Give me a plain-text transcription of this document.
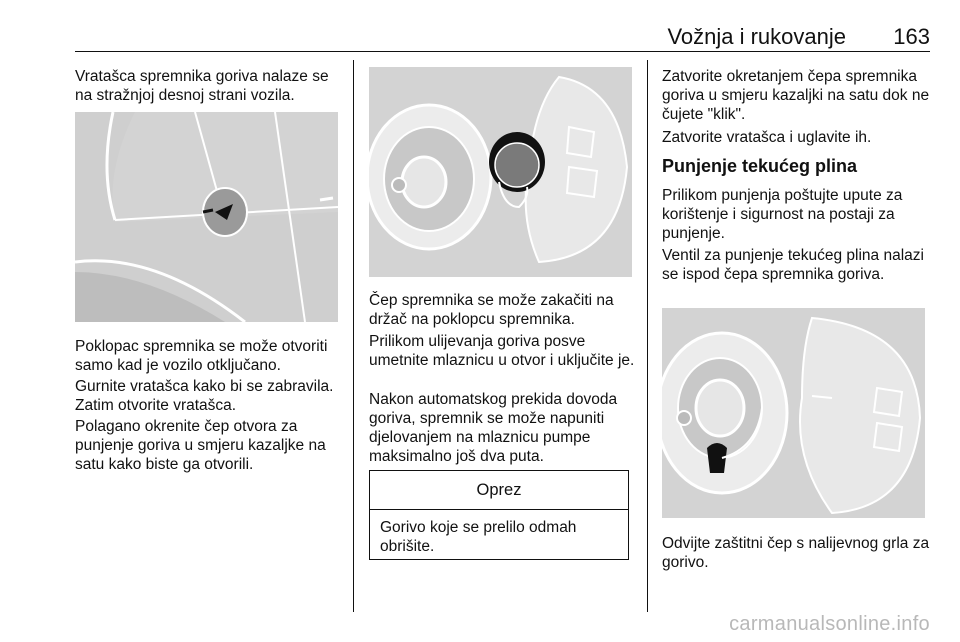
Vožnja i rukovanje	163

Vratašca spremnika goriva nalaze se na stražnjoj desnoj strani vozila.

Poklopac spremnika se može otvoriti samo kad je vozilo otključano.

Gurnite vratašca kako bi se zabravila. Zatim otvorite vratašca.

Polagano okrenite čep otvora za punjenje goriva u smjeru kazaljke na satu kako biste ga otvorili.

Čep spremnika se može zakačiti na držač na poklopcu spremnika.

Prilikom ulijevanja goriva posve umetnite mlaznicu u otvor i uključite je.

Nakon automatskog prekida dovoda goriva, spremnik se može napuniti djelovanjem na mlaznicu pumpe maksimalno još dva puta.

Oprez
Gorivo koje se prelilo odmah obrišite.

Zatvorite okretanjem čepa spremnika goriva u smjeru kazaljki na satu dok ne čujete "klik".

Zatvorite vratašca i uglavite ih.

Punjenje tekućeg plina

Prilikom punjenja poštujte upute za korištenje i sigurnost na postaji za punjenje.

Ventil za punjenje tekućeg plina nalazi se ispod čepa spremnika goriva.

Odvijte zaštitni čep s nalijevnog grla za gorivo.

carmanualsonline.info
